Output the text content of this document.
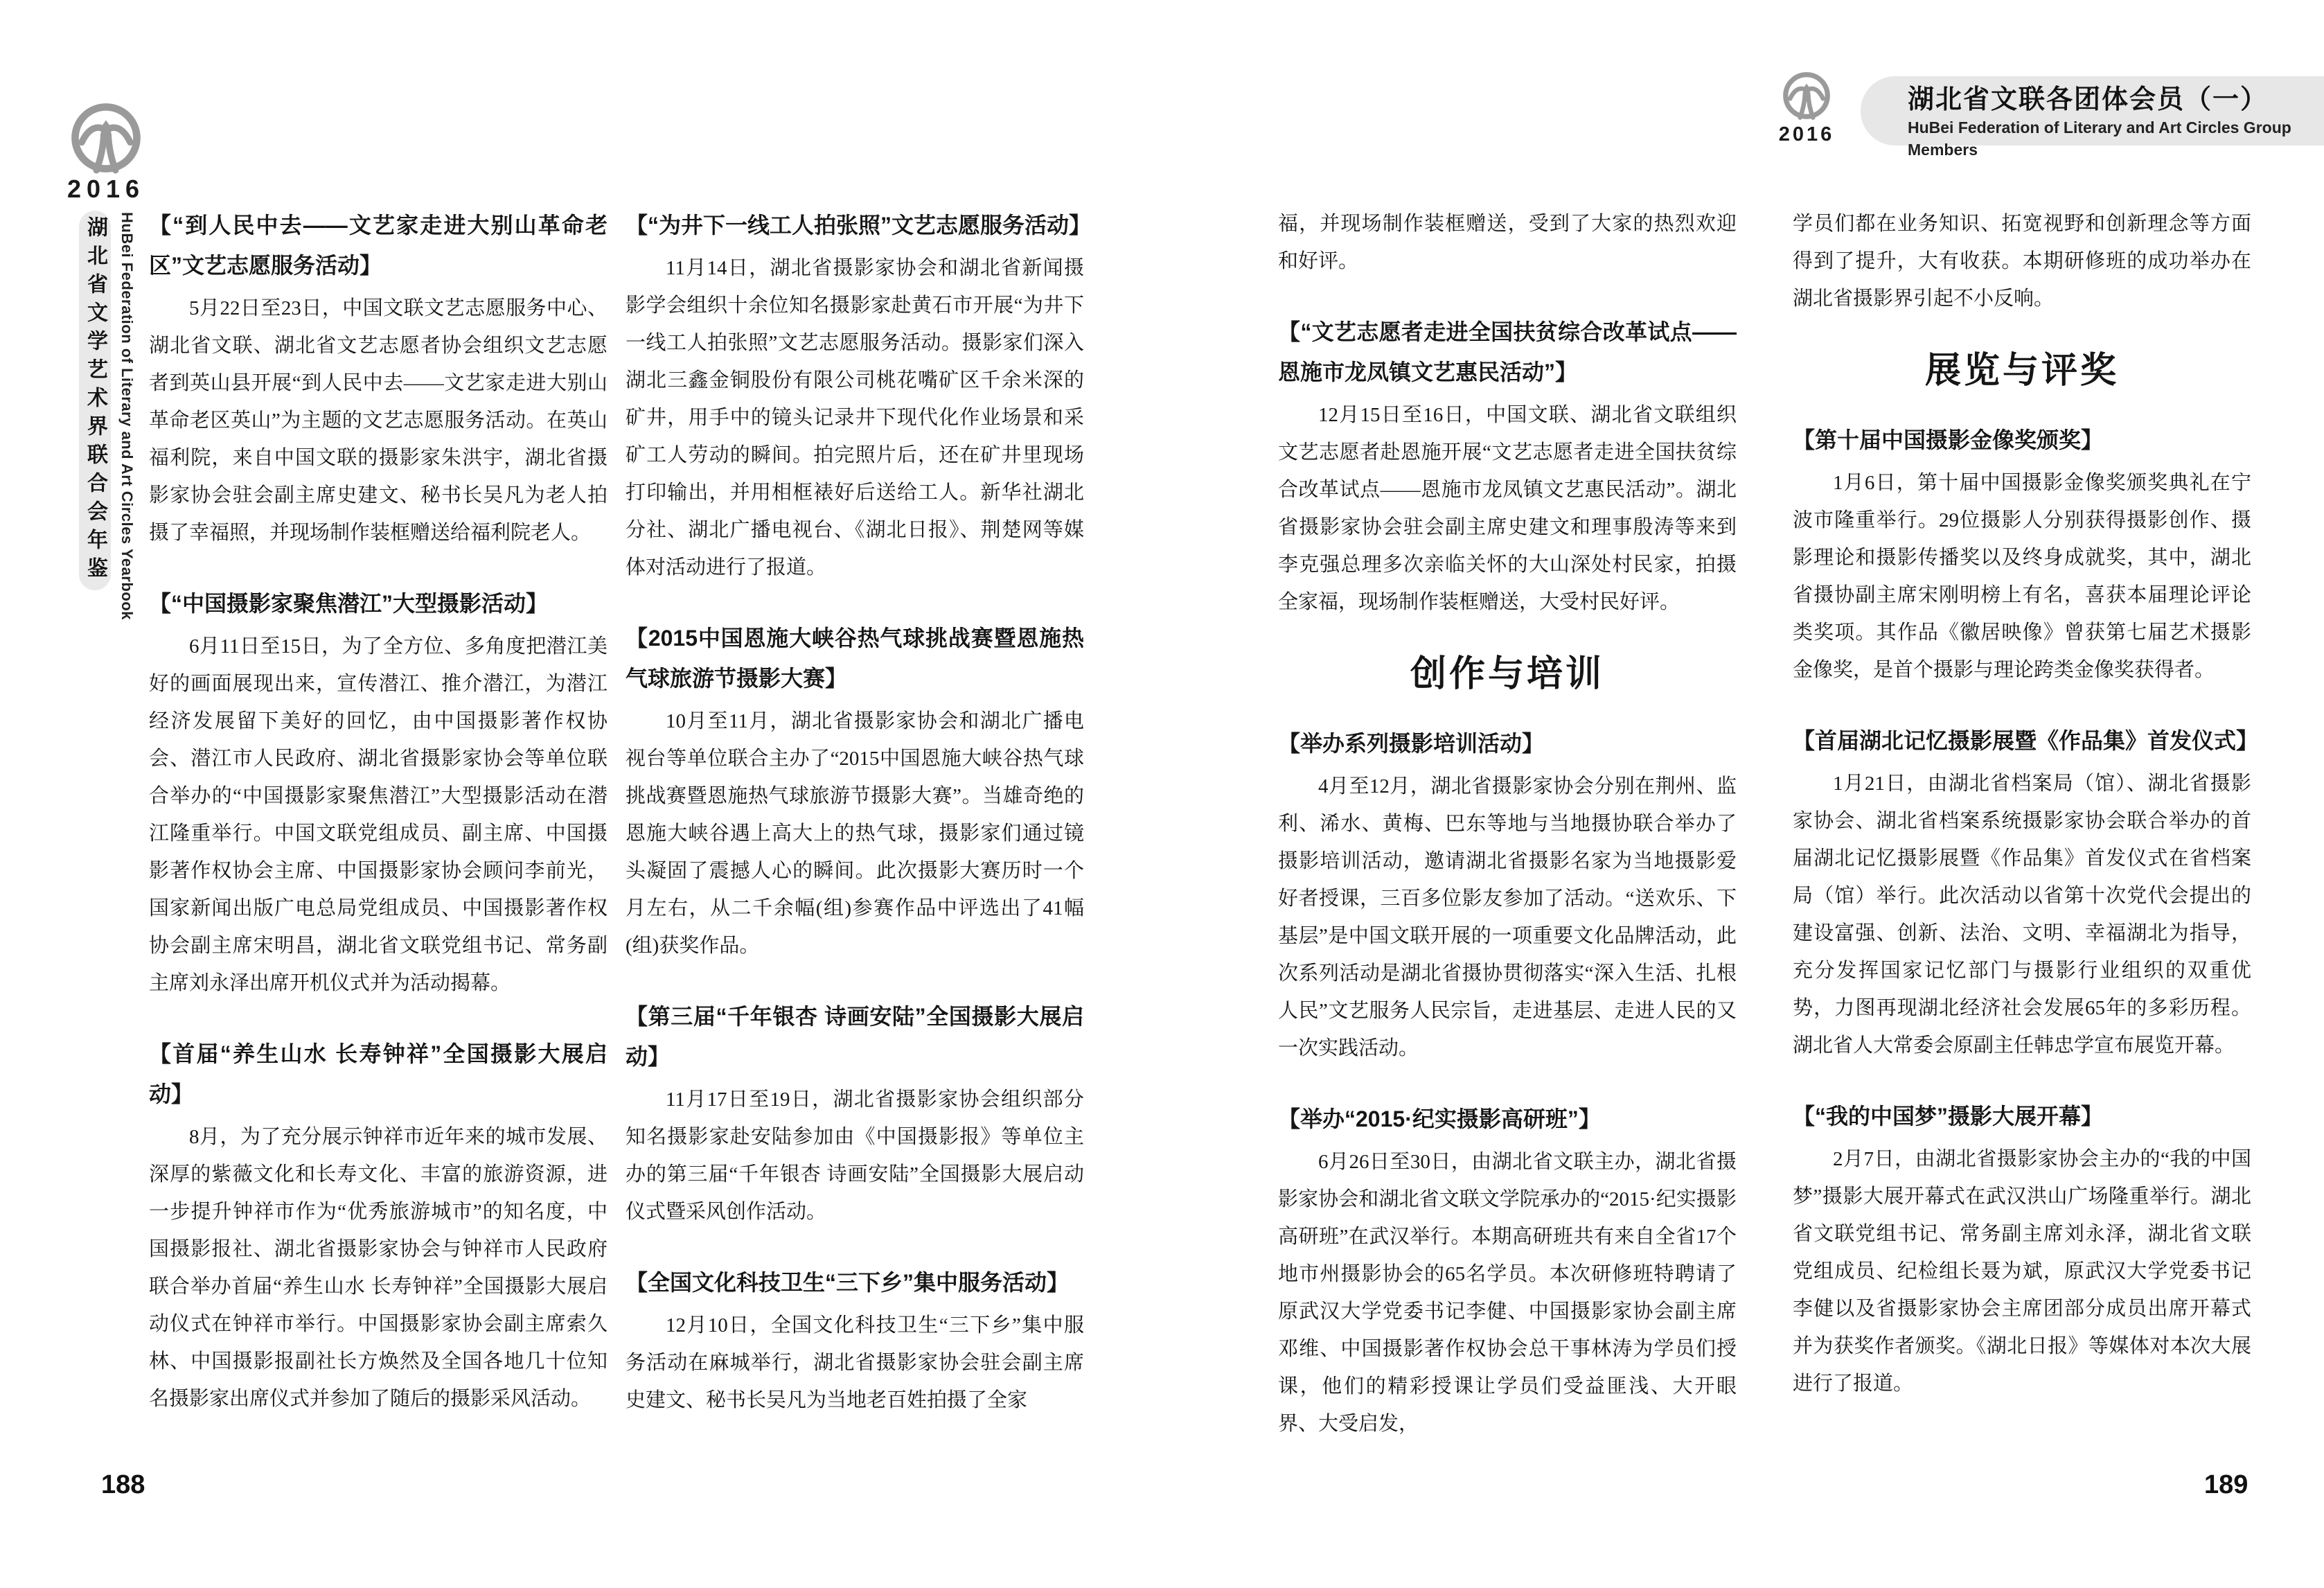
2016
湖北省文学艺术界联合会年鉴 HuBei Federation of Literary and Art Circles Yearbook 【“到人民中去——文艺家走进大别山革命老区”文艺志愿服务活动】

5月22日至23日，中国文联文艺志愿服务中心、湖北省文联、湖北省文艺志愿者协会组织文艺志愿者到英山县开展“到人民中去——文艺家走进大别山革命老区英山”为主题的文艺志愿服务活动。在英山福利院，来自中国文联的摄影家朱洪宇，湖北省摄影家协会驻会副主席史建文、秘书长吴凡为老人拍摄了幸福照，并现场制作装框赠送给福利院老人。

【“中国摄影家聚焦潜江”大型摄影活动】

6月11日至15日，为了全方位、多角度把潜江美好的画面展现出来，宣传潜江、推介潜江，为潜江经济发展留下美好的回忆，由中国摄影著作权协会、潜江市人民政府、湖北省摄影家协会等单位联合举办的“中国摄影家聚焦潜江”大型摄影活动在潜江隆重举行。中国文联党组成员、副主席、中国摄影著作权协会主席、中国摄影家协会顾问李前光，国家新闻出版广电总局党组成员、中国摄影著作权协会副主席宋明昌，湖北省文联党组书记、常务副主席刘永泽出席开机仪式并为活动揭幕。

【首届“养生山水 长寿钟祥”全国摄影大展启动】

8月，为了充分展示钟祥市近年来的城市发展、深厚的紫薇文化和长寿文化、丰富的旅游资源，进一步提升钟祥市作为“优秀旅游城市”的知名度，中国摄影报社、湖北省摄影家协会与钟祥市人民政府联合举办首届“养生山水 长寿钟祥”全国摄影大展启动仪式在钟祥市举行。中国摄影家协会副主席索久林、中国摄影报副社长方焕然及全国各地几十位知名摄影家出席仪式并参加了随后的摄影采风活动。

【“为井下一线工人拍张照”文艺志愿服务活动】

11月14日，湖北省摄影家协会和湖北省新闻摄影学会组织十余位知名摄影家赴黄石市开展“为井下一线工人拍张照”文艺志愿服务活动。摄影家们深入湖北三鑫金铜股份有限公司桃花嘴矿区千余米深的矿井，用手中的镜头记录井下现代化作业场景和采矿工人劳动的瞬间。拍完照片后，还在矿井里现场打印输出，并用相框裱好后送给工人。新华社湖北分社、湖北广播电视台、《湖北日报》、荆楚网等媒体对活动进行了报道。

【2015中国恩施大峡谷热气球挑战赛暨恩施热气球旅游节摄影大赛】

10月至11月，湖北省摄影家协会和湖北广播电视台等单位联合主办了“2015中国恩施大峡谷热气球挑战赛暨恩施热气球旅游节摄影大赛”。当雄奇绝的恩施大峡谷遇上高大上的热气球，摄影家们通过镜头凝固了震撼人心的瞬间。此次摄影大赛历时一个月左右，从二千余幅(组)参赛作品中评选出了41幅(组)获奖作品。

【第三届“千年银杏 诗画安陆”全国摄影大展启动】

11月17日至19日，湖北省摄影家协会组织部分知名摄影家赴安陆参加由《中国摄影报》等单位主办的第三届“千年银杏 诗画安陆”全国摄影大展启动仪式暨采风创作活动。

【全国文化科技卫生“三下乡”集中服务活动】

12月10日，全国文化科技卫生“三下乡”集中服务活动在麻城举行，湖北省摄影家协会驻会副主席史建文、秘书长吴凡为当地老百姓拍摄了全家

188
2016

湖北省文联各团体会员（一）

HuBei Federation of Literary and Art Circles Group Members

福，并现场制作装框赠送，受到了大家的热烈欢迎和好评。

【“文艺志愿者走进全国扶贫综合改革试点——恩施市龙凤镇文艺惠民活动”】

12月15日至16日，中国文联、湖北省文联组织文艺志愿者赴恩施开展“文艺志愿者走进全国扶贫综合改革试点——恩施市龙凤镇文艺惠民活动”。湖北省摄影家协会驻会副主席史建文和理事殷涛等来到李克强总理多次亲临关怀的大山深处村民家，拍摄全家福，现场制作装框赠送，大受村民好评。

创作与培训
【举办系列摄影培训活动】

4月至12月，湖北省摄影家协会分别在荆州、监利、浠水、黄梅、巴东等地与当地摄协联合举办了摄影培训活动，邀请湖北省摄影名家为当地摄影爱好者授课，三百多位影友参加了活动。“送欢乐、下基层”是中国文联开展的一项重要文化品牌活动，此次系列活动是湖北省摄协贯彻落实“深入生活、扎根人民”文艺服务人民宗旨，走进基层、走进人民的又一次实践活动。

【举办“2015·纪实摄影高研班”】

6月26日至30日，由湖北省文联主办，湖北省摄影家协会和湖北省文联文学院承办的“2015·纪实摄影高研班”在武汉举行。本期高研班共有来自全省17个地市州摄影协会的65名学员。本次研修班特聘请了原武汉大学党委书记李健、中国摄影家协会副主席邓维、中国摄影著作权协会总干事林涛为学员们授课，他们的精彩授课让学员们受益匪浅、大开眼界、大受启发，

学员们都在业务知识、拓宽视野和创新理念等方面得到了提升，大有收获。本期研修班的成功举办在湖北省摄影界引起不小反响。

展览与评奖
【第十届中国摄影金像奖颁奖】

1月6日，第十届中国摄影金像奖颁奖典礼在宁波市隆重举行。29位摄影人分别获得摄影创作、摄影理论和摄影传播奖以及终身成就奖，其中，湖北省摄协副主席宋刚明榜上有名，喜获本届理论评论类奖项。其作品《徽居映像》曾获第七届艺术摄影金像奖，是首个摄影与理论跨类金像奖获得者。

【首届湖北记忆摄影展暨《作品集》首发仪式】

1月21日，由湖北省档案局（馆）、湖北省摄影家协会、湖北省档案系统摄影家协会联合举办的首届湖北记忆摄影展暨《作品集》首发仪式在省档案局（馆）举行。此次活动以省第十次党代会提出的建设富强、创新、法治、文明、幸福湖北为指导，充分发挥国家记忆部门与摄影行业组织的双重优势，力图再现湖北经济社会发展65年的多彩历程。湖北省人大常委会原副主任韩忠学宣布展览开幕。

【“我的中国梦”摄影大展开幕】

2月7日，由湖北省摄影家协会主办的“我的中国梦”摄影大展开幕式在武汉洪山广场隆重举行。湖北省文联党组书记、常务副主席刘永泽，湖北省文联党组成员、纪检组长聂为斌，原武汉大学党委书记李健以及省摄影家协会主席团部分成员出席开幕式并为获奖作者颁奖。《湖北日报》等媒体对本次大展进行了报道。

189
